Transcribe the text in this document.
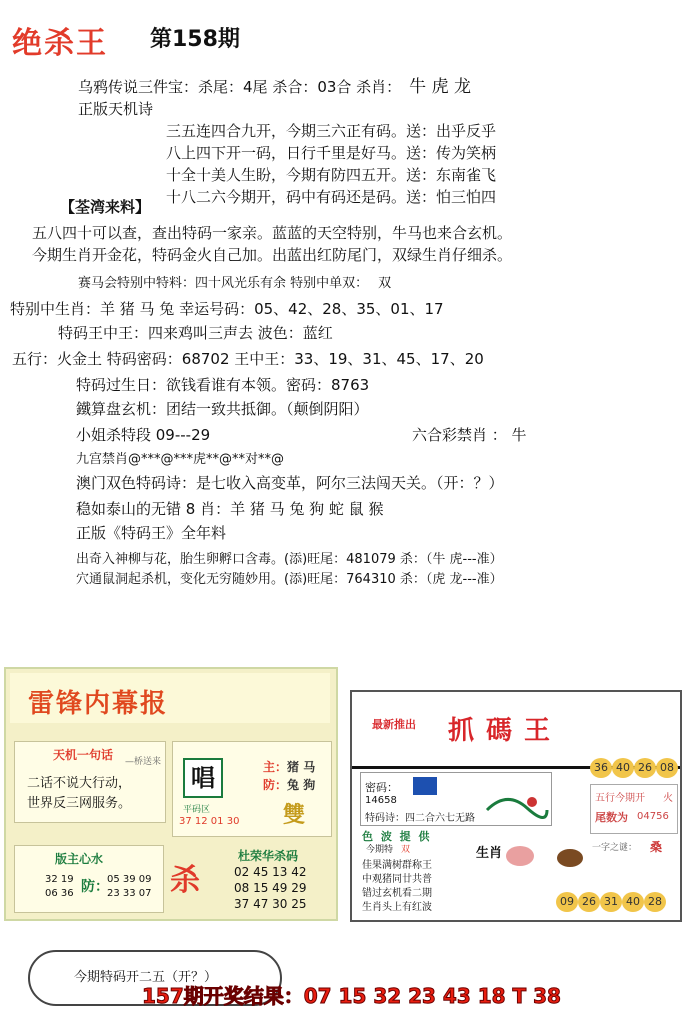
绝杀王 第158期
乌鸦传说三件宝：杀尾：4尾 杀合：03合 杀肖： 牛 虎 龙
正版天机诗
三五连四合九开，今期三六正有码。送：出乎反乎
八上四下开一码，日行千里是好马。送：传为笑柄
十全十美人生盼，今期有防四五开。送：东南雀飞
十八二六今期开，码中有码还是码。送：怕三怕四
【荃湾来料】
五八四十可以查，查出特码一家亲。蓝蓝的天空特别，牛马也来合玄机。
今期生肖开金花，特码金火自己加。出蓝出红防尾门，双绿生肖仔细杀。
赛马会特别中特料：四十风光乐有余 特别中单双： 双
特别中生肖：羊 猪 马 兔 幸运号码：05、42、28、35、01、17
特码王中王：四来鸡叫三声去 波色：蓝红
五行：火金土 特码密码：68702 王中王：33、19、31、45、17、20
特码过生日：欲钱看谁有本领。密码：8763
鐵算盘玄机：团结一致共抵御。（颠倒阴阳）
小姐杀特段 09---29	六合彩禁肖 ： 牛
九宫禁肖@***@***虎**@**对**@
澳门双色特码诗：是七收入高变革，阿尔三法闯天关。（开：？）
稳如泰山的无错 8 肖：羊 猪 马 兔 狗 蛇 鼠 猴
正版《特码王》全年料
出奇入神柳与花，胎生卵孵口含毒。(添)旺尾：481079 杀：（牛 虎---准）
穴通鼠洞起杀机，变化无穷随妙用。(添)旺尾：764310 杀：（虎 龙---准）
雷锋内幕报
天机一句话 —桥送来
二话不说大行动，
世界反三网服务。
唱	主：猪 马
防：兔 狗
雙
平码区
37 12 01 30
版主心水
32 19
06 36 防：
05 39 09
23 33 07 杀
杜荣华杀码
02 45 13 42
08 15 49 29
37 47 30 25
最新推出 抓碼王
密码：
14658
特码诗：四二合六七无路
36 40 26 08
五行今期开 火
尾数为 04756
一字之谜： 桑
色 波 提 供
今期特 双	生肖
佳果满树群称王
中观猪同廿共普
错过玄机看二期
生肖头上有红波	09 26 31 40 28
今期特码开二五（开？）
157期开奖结果：07 15 32 23 43 18 T 38
